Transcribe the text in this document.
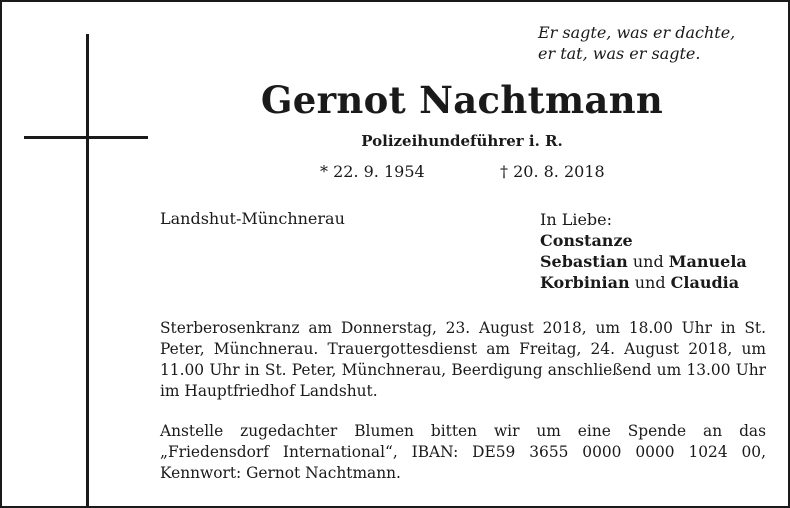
Er sagte, was er dachte,
er tat, was er sagte.
Gernot Nachtmann
Polizeihundeführer i. R.
* 22. 9. 1954	† 20. 8. 2018
Landshut-Münchnerau	In Liebe:
Constanze
Sebastian und Manuela
Korbinian und Claudia
Sterberosenkranz am Donnerstag, 23. August 2018, um 18.00 Uhr in St. Peter, Münchnerau. Trauergottesdienst am Freitag, 24. August 2018, um 11.00 Uhr in St. Peter, Münchnerau, Beerdigung anschließend um 13.00 Uhr im Hauptfriedhof Landshut.
Anstelle zugedachter Blumen bitten wir um eine Spende an das „Friedensdorf International“, IBAN: DE59 3655 0000 0000 1024 00, Kennwort: Gernot Nachtmann.
